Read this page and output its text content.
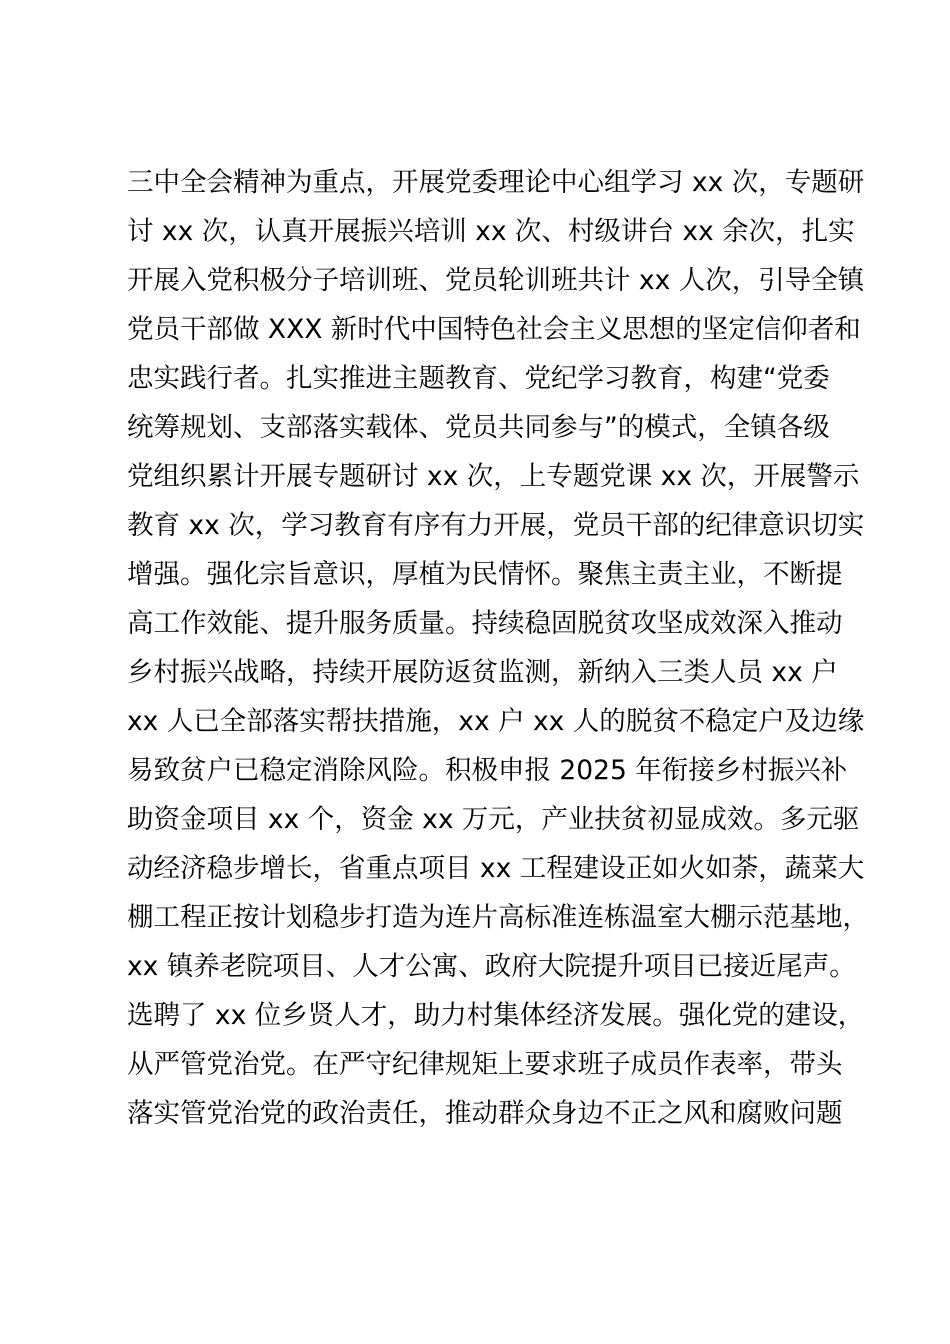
三中全会精神为重点，开展党委理论中心组学习 xx 次，专题研
讨 xx 次，认真开展振兴培训 xx 次、村级讲台 xx 余次，扎实
开展入党积极分子培训班、党员轮训班共计 xx 人次，引导全镇
党员干部做 XXX 新时代中国特色社会主义思想的坚定信仰者和
忠实践行者。扎实推进主题教育、党纪学习教育，构建“党委
统筹规划、支部落实载体、党员共同参与”的模式，全镇各级
党组织累计开展专题研讨 xx 次，上专题党课 xx 次，开展警示
教育 xx 次，学习教育有序有力开展，党员干部的纪律意识切实
增强。强化宗旨意识，厚植为民情怀。聚焦主责主业，不断提
高工作效能、提升服务质量。持续稳固脱贫攻坚成效深入推动
乡村振兴战略，持续开展防返贫监测，新纳入三类人员 xx 户
xx 人已全部落实帮扶措施，xx 户 xx 人的脱贫不稳定户及边缘
易致贫户已稳定消除风险。积极申报 2025 年衔接乡村振兴补
助资金项目 xx 个，资金 xx 万元，产业扶贫初显成效。多元驱
动经济稳步增长，省重点项目 xx 工程建设正如火如荼，蔬菜大
棚工程正按计划稳步打造为连片高标准连栋温室大棚示范基地，
xx 镇养老院项目、人才公寓、政府大院提升项目已接近尾声。
选聘了 xx 位乡贤人才，助力村集体经济发展。强化党的建设，
从严管党治党。在严守纪律规矩上要求班子成员作表率，带头
落实管党治党的政治责任，推动群众身边不正之风和腐败问题
